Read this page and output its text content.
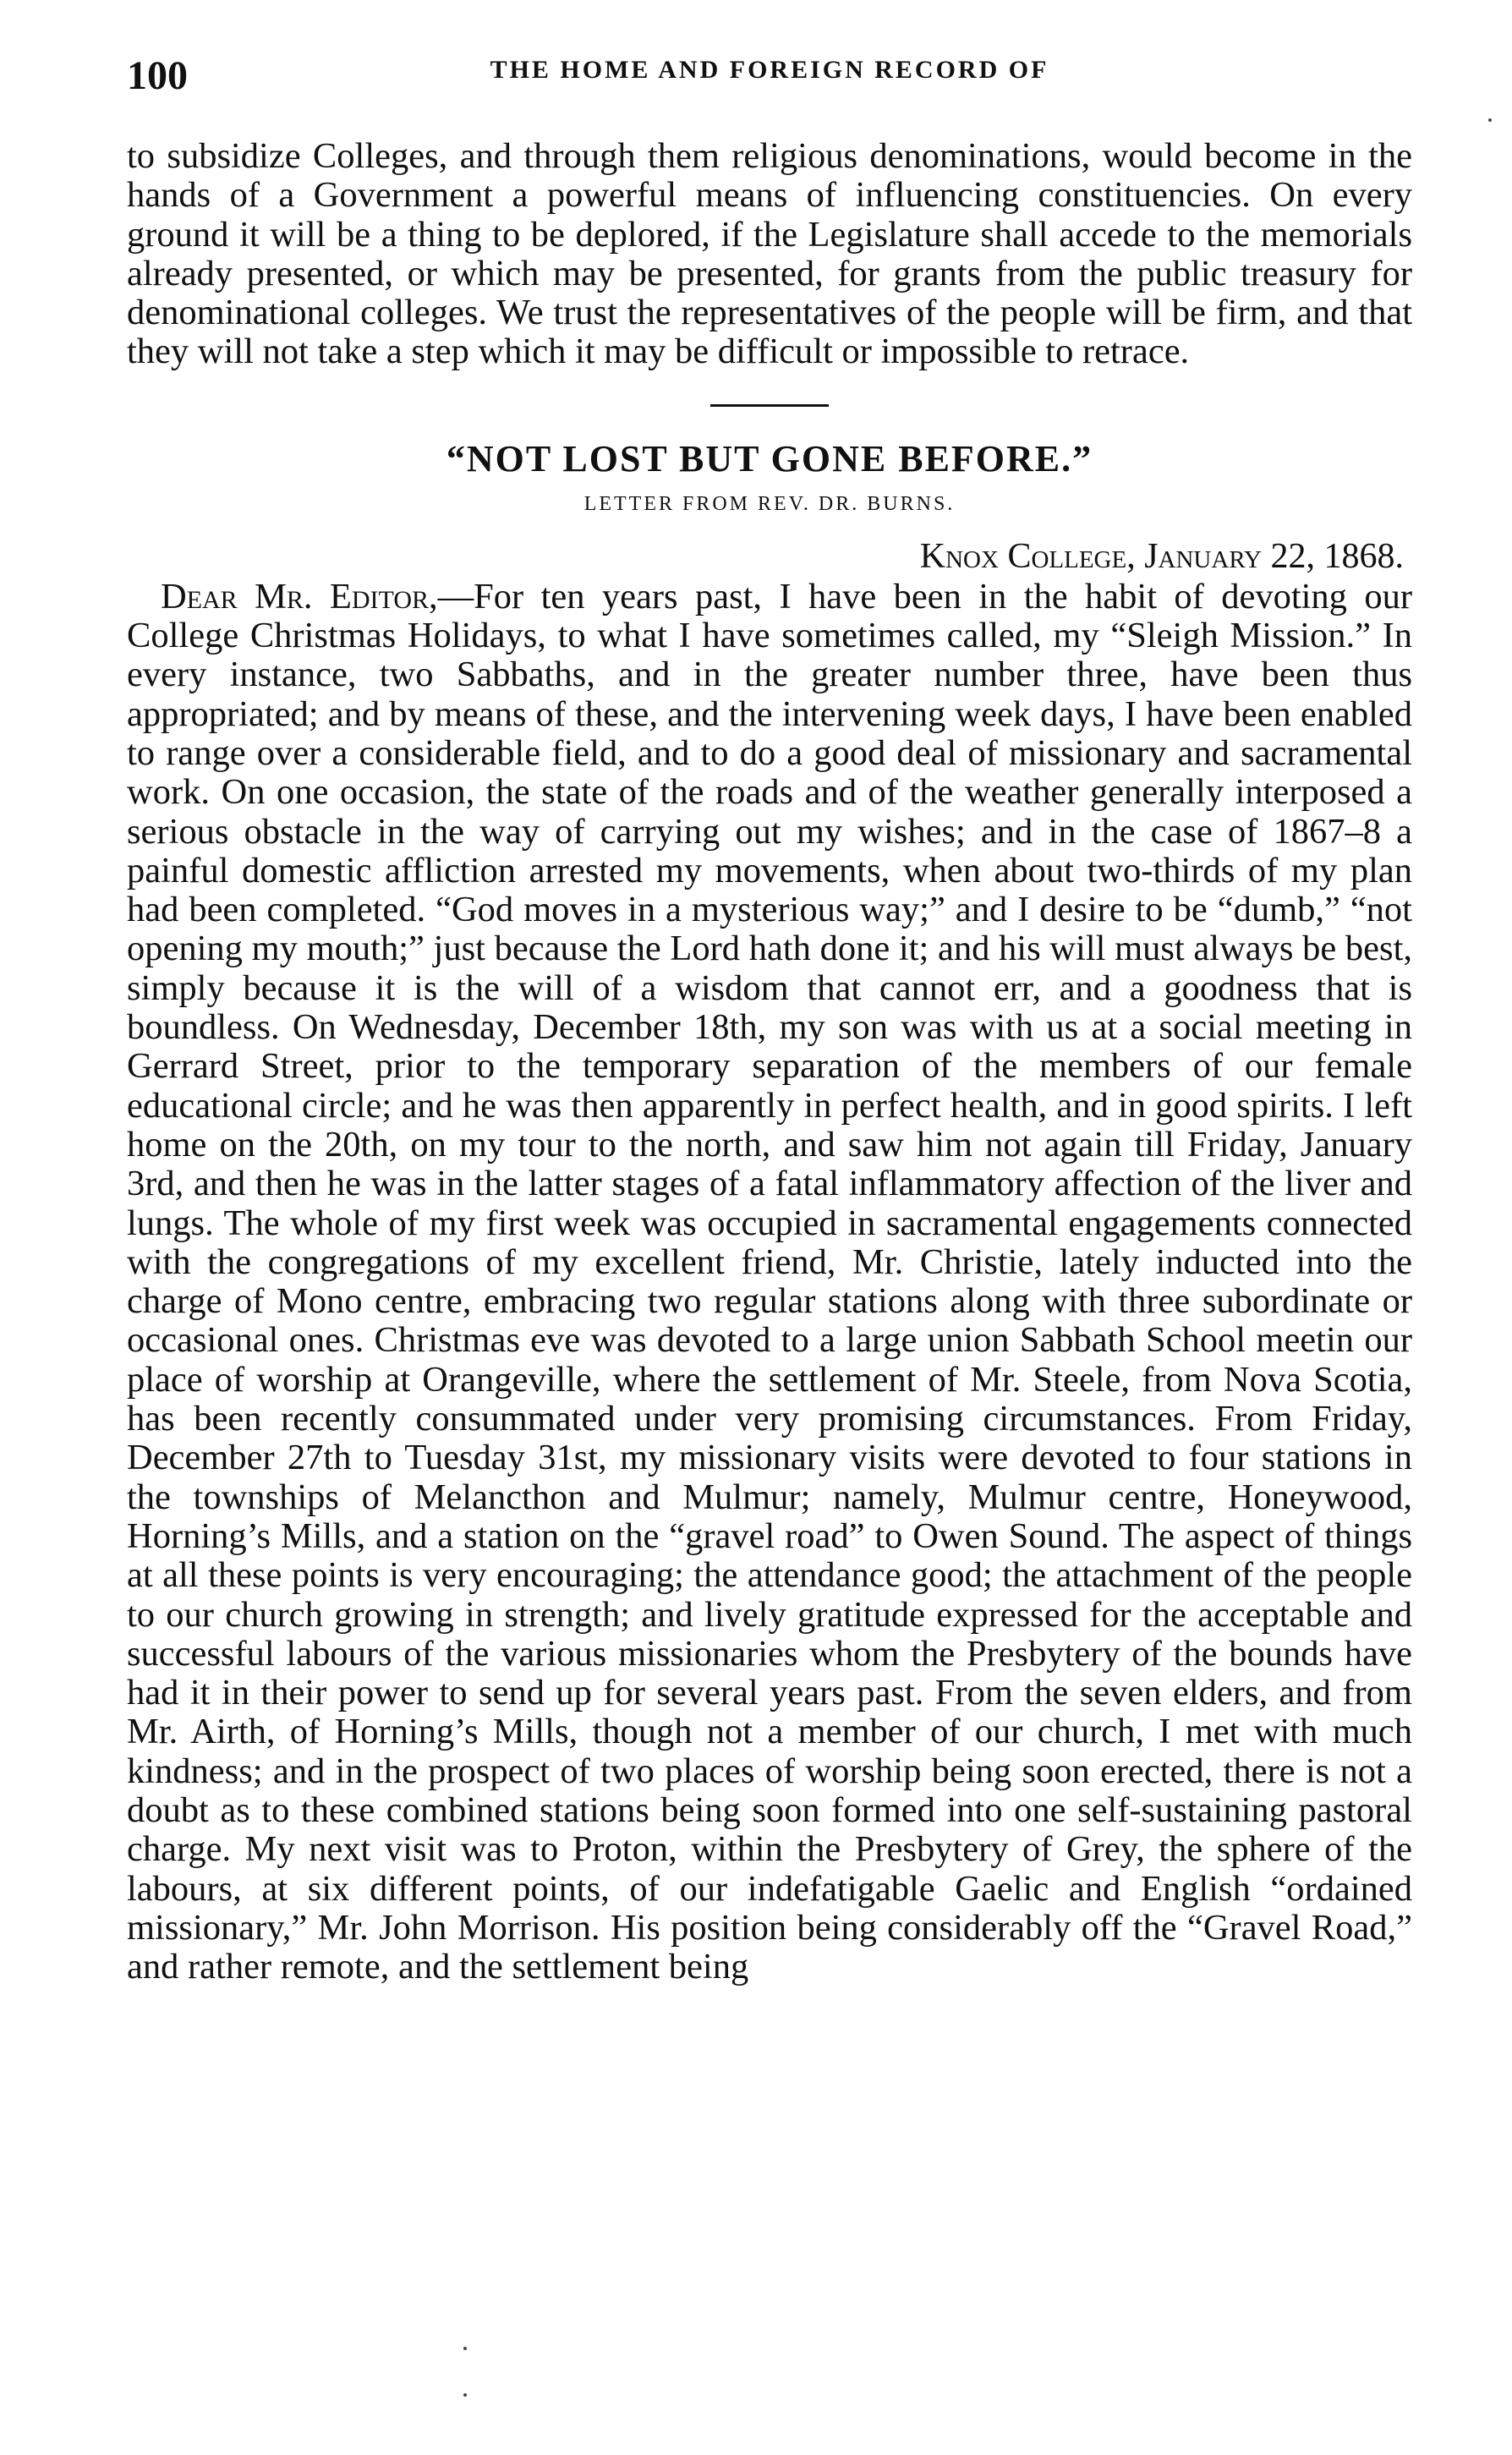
100	THE HOME AND FOREIGN RECORD OF

to subsidize Colleges, and through them religious denominations, would become in the hands of a Government a powerful means of influencing constituencies. On every ground it will be a thing to be deplored, if the Legislature shall accede to the memorials already presented, or which may be presented, for grants from the public treasury for denominational colleges. We trust the representatives of the people will be firm, and that they will not take a step which it may be difficult or impossible to retrace.

“NOT LOST BUT GONE BEFORE.”
LETTER FROM REV. DR. BURNS.
Knox College, January 22, 1868.

Dear Mr. Editor,—For ten years past, I have been in the habit of devoting our College Christmas Holidays, to what I have sometimes called, my “Sleigh Mission.” In every instance, two Sabbaths, and in the greater number three, have been thus appropriated; and by means of these, and the intervening week days, I have been enabled to range over a considerable field, and to do a good deal of missionary and sacramental work. On one occasion, the state of the roads and of the weather generally interposed a serious obstacle in the way of carrying out my wishes; and in the case of 1867–8 a painful domestic affliction arrested my movements, when about two-thirds of my plan had been completed. “God moves in a mysterious way;” and I desire to be “dumb,” “not opening my mouth;” just because the Lord hath done it; and his will must always be best, simply because it is the will of a wisdom that cannot err, and a goodness that is boundless. On Wednesday, December 18th, my son was with us at a social meeting in Gerrard Street, prior to the temporary separation of the members of our female educational circle; and he was then apparently in perfect health, and in good spirits. I left home on the 20th, on my tour to the north, and saw him not again till Friday, January 3rd, and then he was in the latter stages of a fatal inflammatory affection of the liver and lungs. The whole of my first week was occupied in sacramental engagements connected with the congregations of my excellent friend, Mr. Christie, lately inducted into the charge of Mono centre, embracing two regular stations along with three subordinate or occasional ones. Christmas eve was devoted to a large union Sabbath School meetin our place of worship at Orangeville, where the settlement of Mr. Steele, from Nova Scotia, has been recently consummated under very promising circumstances. From Friday, December 27th to Tuesday 31st, my missionary visits were devoted to four stations in the townships of Melancthon and Mulmur; namely, Mulmur centre, Honeywood, Horning’s Mills, and a station on the “gravel road” to Owen Sound. The aspect of things at all these points is very encouraging; the attendance good; the attachment of the people to our church growing in strength; and lively gratitude expressed for the acceptable and successful labours of the various missionaries whom the Presbytery of the bounds have had it in their power to send up for several years past. From the seven elders, and from Mr. Airth, of Horning’s Mills, though not a member of our church, I met with much kindness; and in the prospect of two places of worship being soon erected, there is not a doubt as to these combined stations being soon formed into one self-sustaining pastoral charge. My next visit was to Proton, within the Presbytery of Grey, the sphere of the labours, at six different points, of our indefatigable Gaelic and English “ordained missionary,” Mr. John Morrison. His position being considerably off the “Gravel Road,” and rather remote, and the settlement being
